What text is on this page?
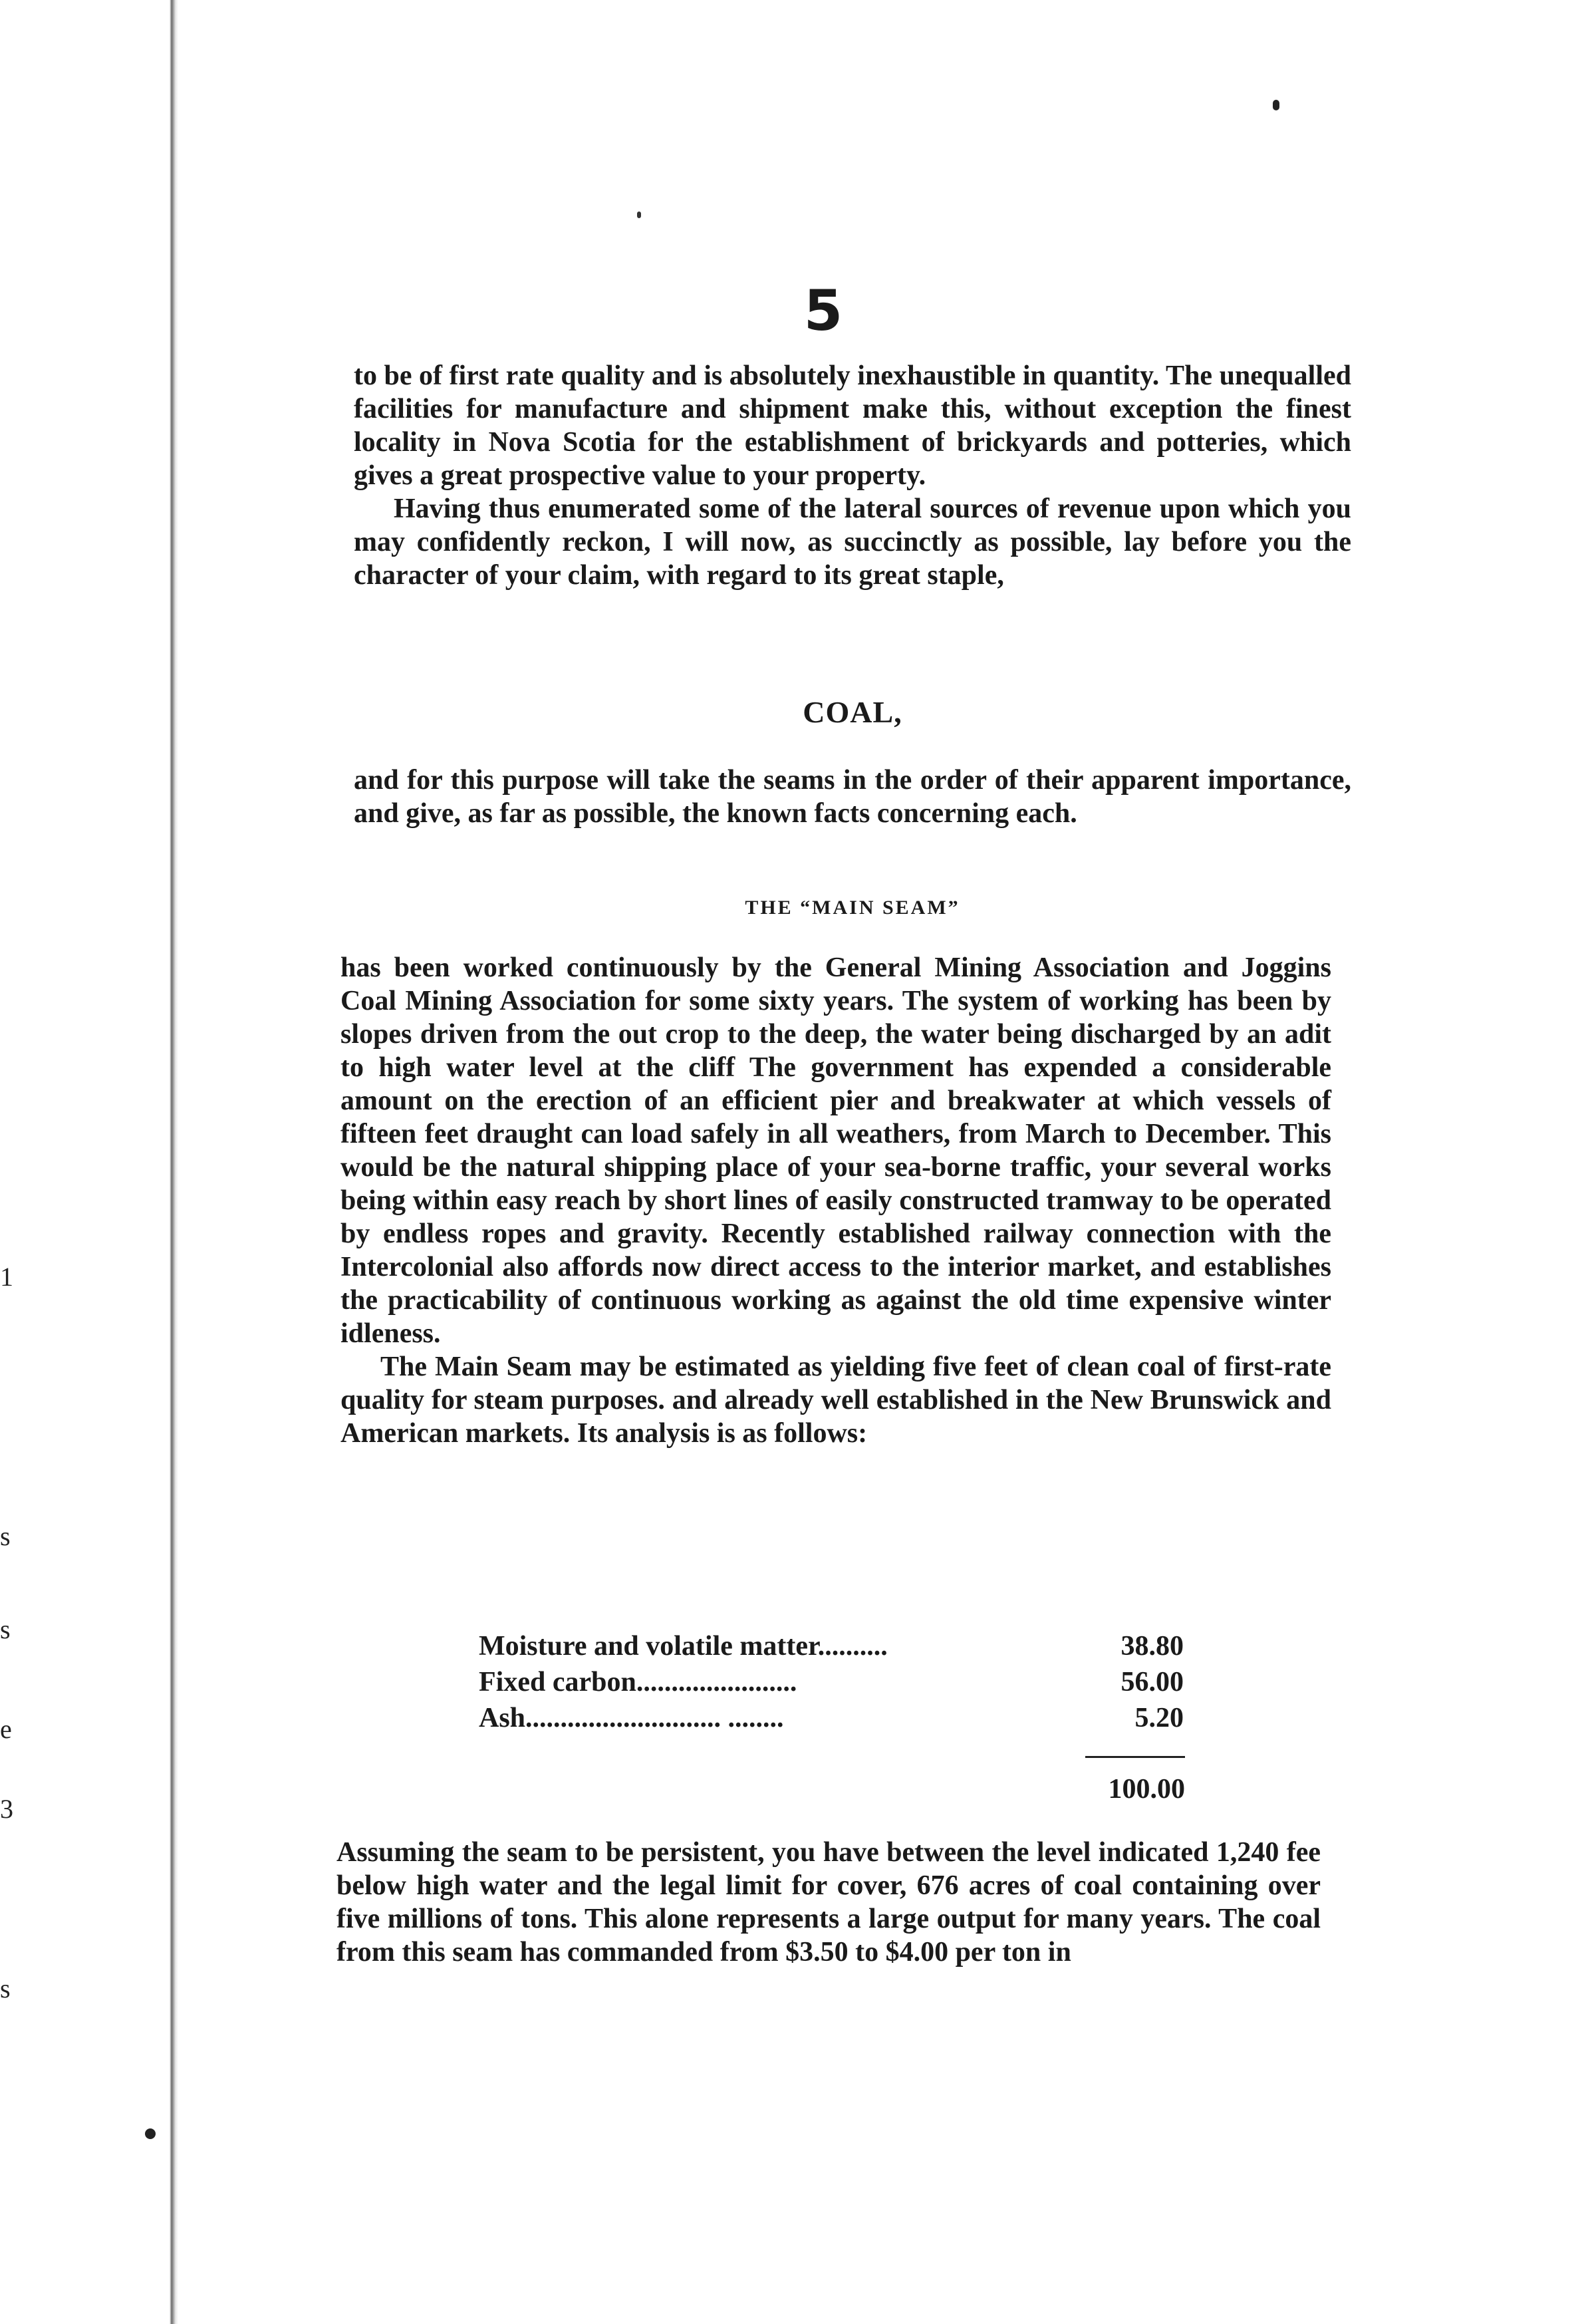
1
s
s
e
3
s
5

to be of first rate quality and is absolutely inexhaustible in quantity. The unequalled facilities for manufacture and shipment make this, without exception the finest locality in Nova Scotia for the establishment of brickyards and potteries, which gives a great prospective value to your property.

Having thus enumerated some of the lateral sources of revenue upon which you may confidently reckon, I will now, as succinctly as possible, lay before you the character of your claim, with regard to its great staple,

COAL,

and for this purpose will take the seams in the order of their apparent importance, and give, as far as possible, the known facts concerning each.

THE “MAIN SEAM”

has been worked continuously by the General Mining Association and Joggins Coal Mining Association for some sixty years. The system of working has been by slopes driven from the out crop to the deep, the water being discharged by an adit to high water level at the cliff The government has expended a considerable amount on the erection of an efficient pier and breakwater at which vessels of fifteen feet draught can load safely in all weathers, from March to December. This would be the natural shipping place of your sea-borne traffic, your several works being within easy reach by short lines of easily constructed tramway to be operated by endless ropes and gravity. Recently established railway connection with the Intercolonial also affords now direct access to the interior market, and establishes the practicability of continuous working as against the old time expensive winter idleness.

The Main Seam may be estimated as yielding five feet of clean coal of first-rate quality for steam purposes. and already well established in the New Brunswick and American markets. Its analysis is as follows:

Moisture and volatile matter..........	38.80
Fixed carbon.......................	56.00
Ash............................ ........	5.20
100.00

Assuming the seam to be persistent, you have between the level indicated 1,240 fee below high water and the legal limit for cover, 676 acres of coal containing over five millions of tons. This alone represents a large output for many years. The coal from this seam has commanded from $3.50 to $4.00 per ton in
